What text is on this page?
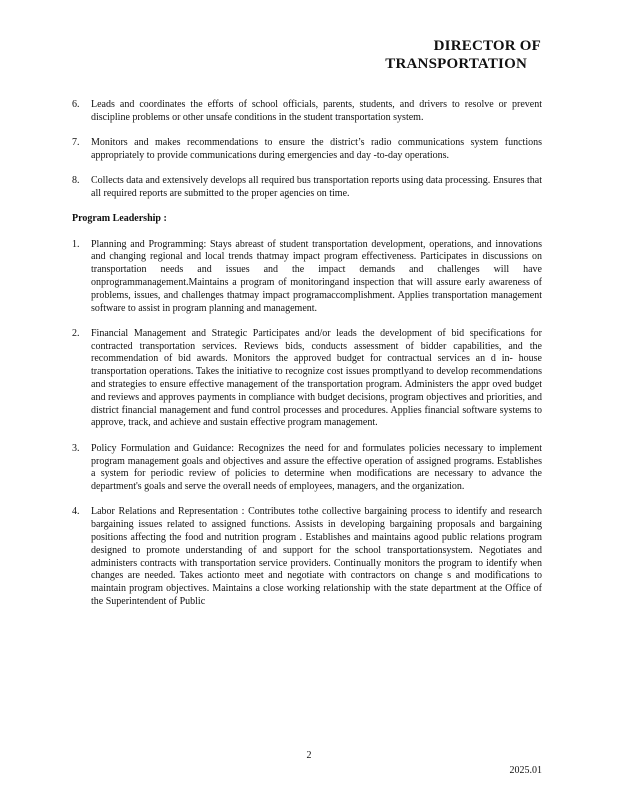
DIRECTOR OF
TRANSPORTATION
6. Leads and coordinates the efforts of school officials, parents, students, and drivers to resolve or prevent discipline problems or other unsafe conditions in the student transportation system.
7. Monitors and makes recommendations to ensure the district’s radio communications system functions appropriately to provide communications during emergencies and day -to-day operations.
8. Collects data and extensively develops all required bus transportation reports using data processing. Ensures that all required reports are submitted to the proper agencies on time.

Program Leadership :

1. Planning and Programming: Stays abreast of student transportation development, operations, and innovations and changing regional and local trends thatmay impact program effectiveness. Participates in discussions on transportation needs and issues and the impact demands and challenges will have onprogrammanagement.Maintains a program of monitoringand inspection that will assure early awareness of problems, issues, and challenges thatmay impact programaccomplishment. Applies transportation management software to assist in program planning and management.
2. Financial Management and Strategic Participates and/or leads the development of bid specifications for contracted transportation services. Reviews bids, conducts assessment of bidder capabilities, and the recommendation of bid awards. Monitors the approved budget for contractual services an d in- house transportation operations. Takes the initiative to recognize cost issues promptlyand to develop recommendations and strategies to ensure effective management of the transportation program. Administers the appr oved budget and reviews and approves payments in compliance with budget decisions, program objectives and priorities, and district financial management and fund control processes and procedures. Applies financial software systems to approve, track, and achieve and sustain effective program management.
3. Policy Formulation and Guidance: Recognizes the need for and formulates policies necessary to implement program management goals and objectives and assure the effective operation of assigned programs. Establishes a system for periodic review of policies to determine when modifications are necessary to advance the department's goals and serve the overall needs of employees, managers, and the organization.
4. Labor Relations and Representation : Contributes tothe collective bargaining process to identify and research bargaining issues related to assigned functions. Assists in developing bargaining proposals and bargaining positions affecting the food and nutrition program . Establishes and maintains agood public relations program designed to promote understanding of and support for the school transportationsystem. Negotiates and administers contracts with transportation service providers. Continually monitors the program to identify when changes are needed. Takes actionto meet and negotiate with contractors on change s and modifications to maintain program objectives. Maintains a close working relationship with the state department at the Office of the Superintendent of Public
2
2025.01
